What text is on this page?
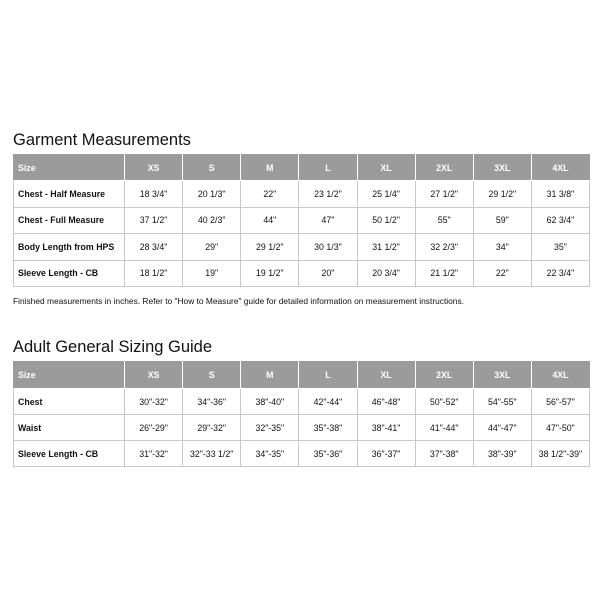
Garment Measurements
Size	XS	S	M	L	XL	2XL	3XL	4XL
Chest - Half Measure	18 3/4"	20 1/3"	22"	23 1/2"	25 1/4"	27 1/2"	29 1/2"	31 3/8"
Chest - Full Measure	37 1/2"	40 2/3"	44"	47"	50 1/2"	55"	59"	62 3/4"
Body Length from HPS	28 3/4"	29"	29 1/2"	30 1/3"	31 1/2"	32 2/3"	34"	35"
Sleeve Length - CB	18 1/2"	19"	19 1/2"	20"	20 3/4"	21 1/2"	22"	22 3/4"

Finished measurements in inches. Refer to "How to Measure" guide for detailed information on measurement instructions.

Adult General Sizing Guide
Size	XS	S	M	L	XL	2XL	3XL	4XL
Chest	30"-32"	34"-36"	38"-40"	42"-44"	46"-48"	50"-52"	54"-55"	56"-57"
Waist	26"-29"	29"-32"	32"-35"	35"-38"	38"-41"	41"-44"	44"-47"	47"-50"
Sleeve Length - CB	31"-32"	32"-33 1/2"	34"-35"	35"-36"	36"-37"	37"-38"	38"-39"	38 1/2"-39"
